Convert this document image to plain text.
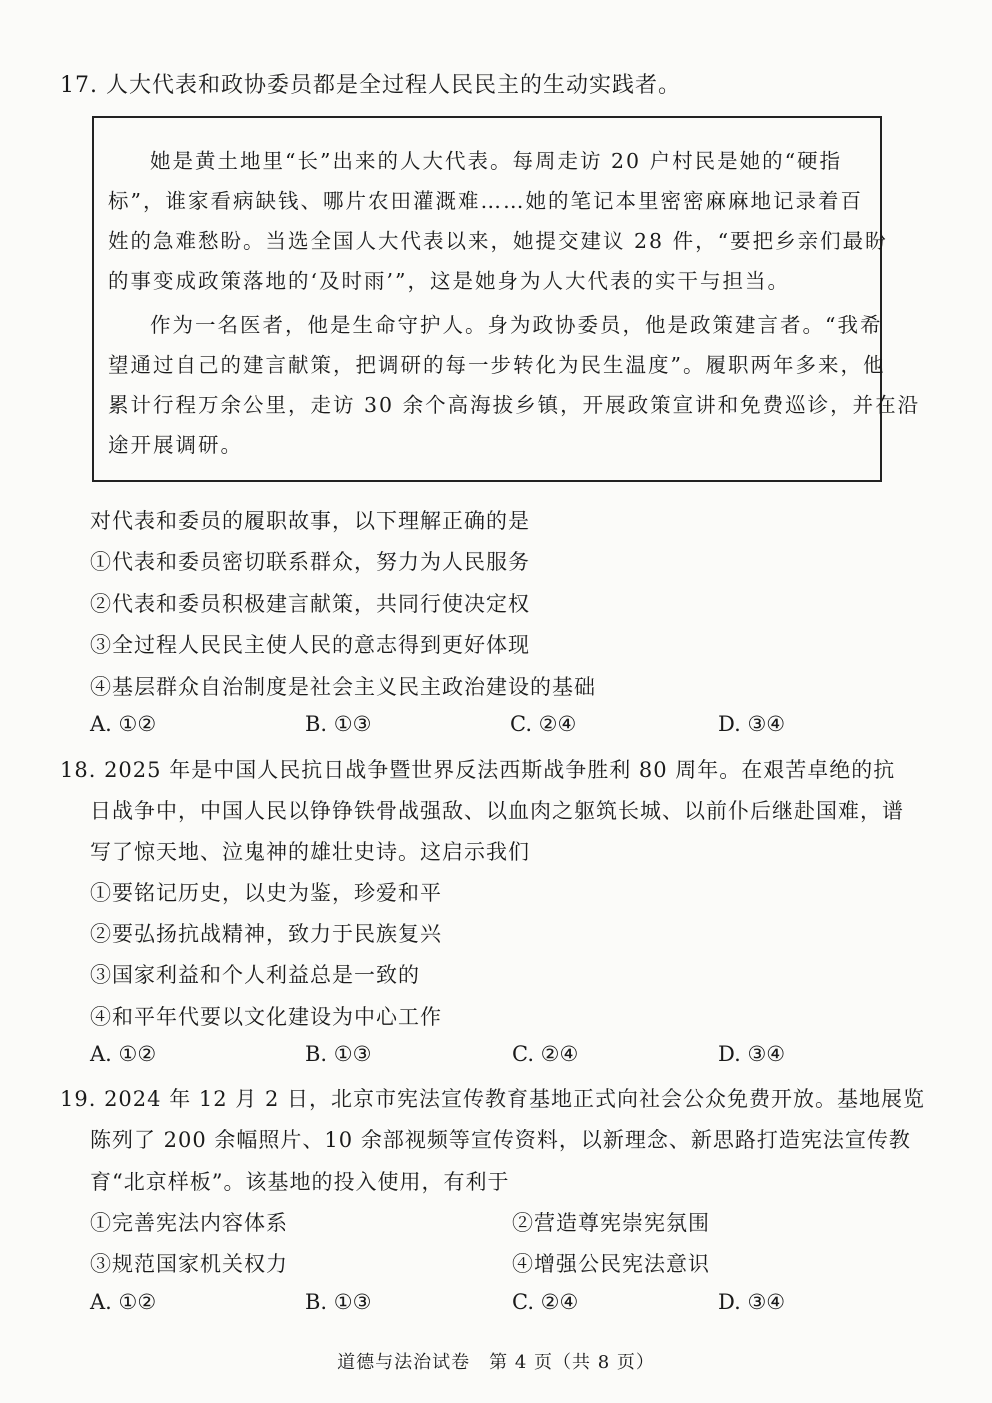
17. 人大代表和政协委员都是全过程人民民主的生动实践者。
她是黄土地里“长”出来的人大代表。每周走访 20 户村民是她的“硬指
标”，谁家看病缺钱、哪片农田灌溉难……她的笔记本里密密麻麻地记录着百
姓的急难愁盼。当选全国人大代表以来，她提交建议 28 件，“要把乡亲们最盼
的事变成政策落地的‘及时雨’”，这是她身为人大代表的实干与担当。
作为一名医者，他是生命守护人。身为政协委员，他是政策建言者。“我希
望通过自己的建言献策，把调研的每一步转化为民生温度”。履职两年多来，他
累计行程万余公里，走访 30 余个高海拔乡镇，开展政策宣讲和免费巡诊，并在沿
途开展调研。
对代表和委员的履职故事，以下理解正确的是
①代表和委员密切联系群众，努力为人民服务
②代表和委员积极建言献策，共同行使决定权
③全过程人民民主使人民的意志得到更好体现
④基层群众自治制度是社会主义民主政治建设的基础
A. ①②	B. ①③	C. ②④	D. ③④
18. 2025 年是中国人民抗日战争暨世界反法西斯战争胜利 80 周年。在艰苦卓绝的抗
日战争中，中国人民以铮铮铁骨战强敌、以血肉之躯筑长城、以前仆后继赴国难，谱
写了惊天地、泣鬼神的雄壮史诗。这启示我们
①要铭记历史，以史为鉴，珍爱和平
②要弘扬抗战精神，致力于民族复兴
③国家利益和个人利益总是一致的
④和平年代要以文化建设为中心工作
A. ①②	B. ①③	C. ②④	D. ③④
19. 2024 年 12 月 2 日，北京市宪法宣传教育基地正式向社会公众免费开放。基地展览
陈列了 200 余幅照片、10 余部视频等宣传资料，以新理念、新思路打造宪法宣传教
育“北京样板”。该基地的投入使用，有利于
①完善宪法内容体系	②营造尊宪崇宪氛围
③规范国家机关权力	④增强公民宪法意识
A. ①②	B. ①③	C. ②④	D. ③④
道德与法治试卷　第 4 页（共 8 页）
